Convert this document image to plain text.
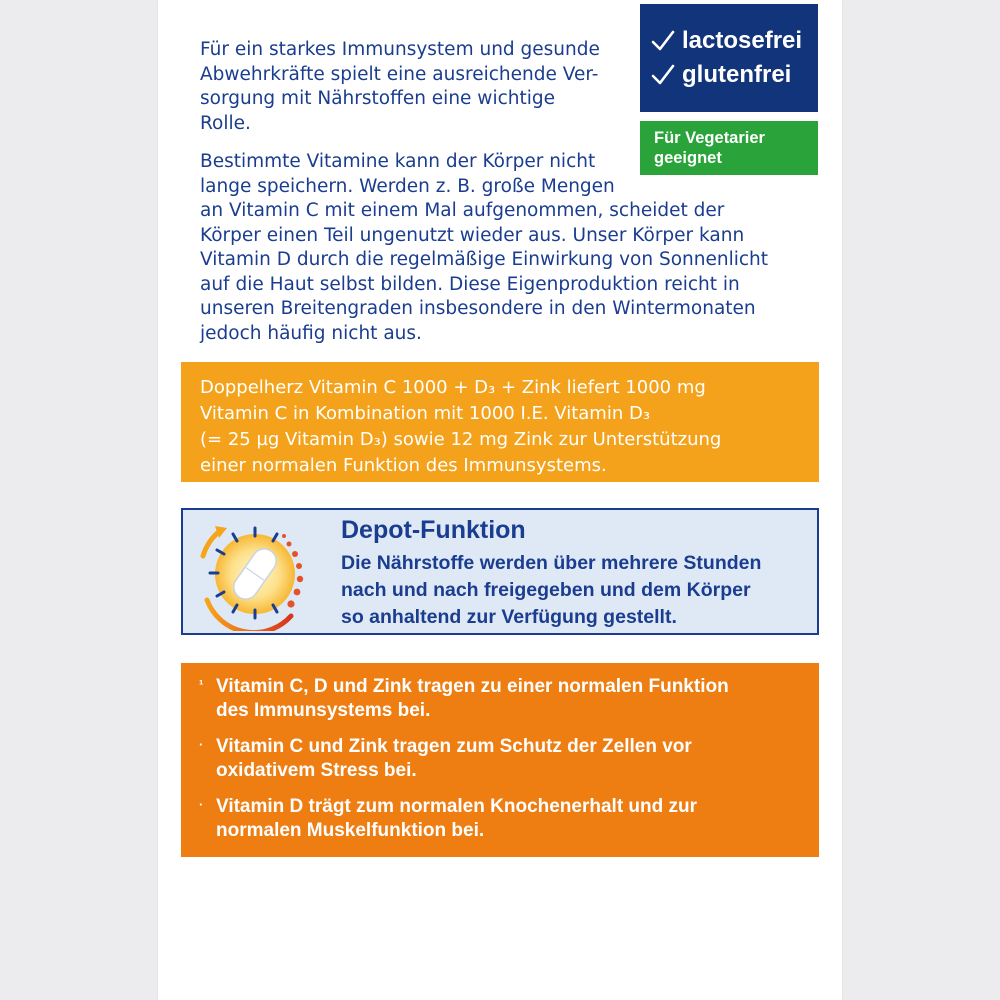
Für ein starkes Immunsystem und gesunde
Abwehrkräfte spielt eine ausreichende Ver-
sorgung mit Nährstoffen eine wichtige
Rolle.

Bestimmte Vitamine kann der Körper nicht
lange speichern. Werden z. B. große Mengen
an Vitamin C mit einem Mal aufgenommen, scheidet der
Körper einen Teil ungenutzt wieder aus. Unser Körper kann
Vitamin D durch die regelmäßige Einwirkung von Sonnenlicht
auf die Haut selbst bilden. Diese Eigenproduktion reicht in
unseren Breitengraden insbesondere in den Wintermonaten
jedoch häufig nicht aus.

lactosefrei
glutenfrei
Für Vegetarier
geeignet
Doppelherz Vitamin C 1000 + D₃ + Zink liefert 1000 mg
Vitamin C in Kombination mit 1000 I.E. Vitamin D₃
(= 25 µg Vitamin D₃) sowie 12 mg Zink zur Unterstützung
einer normalen Funktion des Immunsystems.
Depot-Funktion
Die Nährstoffe werden über mehrere Stunden
nach und nach freigegeben und dem Körper
so anhaltend zur Verfügung gestellt.
¹ Vitamin C, D und Zink tragen zu einer normalen Funktion
des Immunsystems bei.
· Vitamin C und Zink tragen zum Schutz der Zellen vor
oxidativem Stress bei.
· Vitamin D trägt zum normalen Knochenerhalt und zur
normalen Muskelfunktion bei.
